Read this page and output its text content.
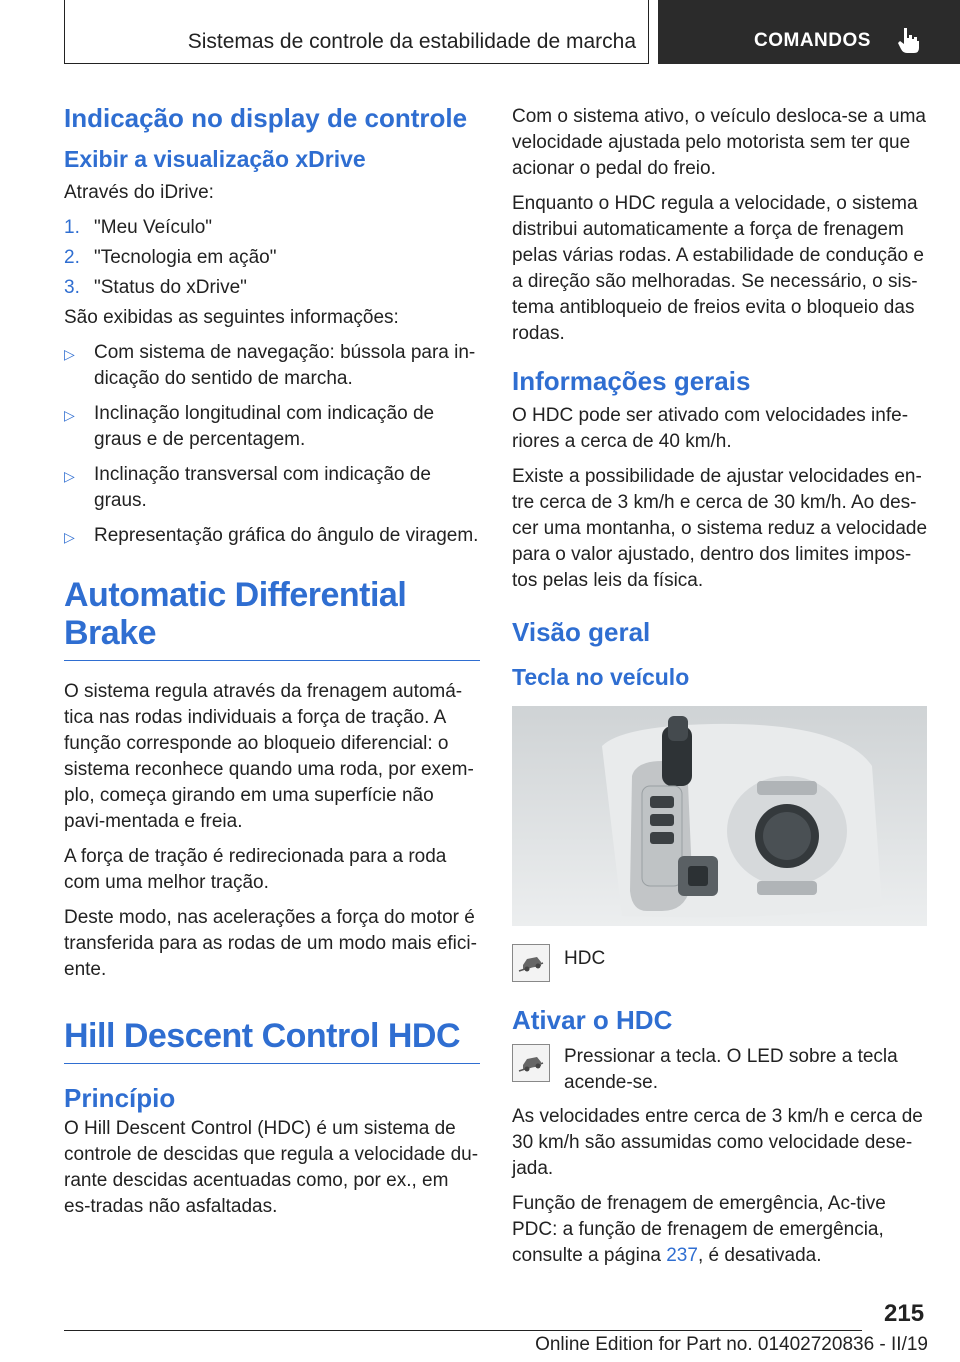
Sistemas de controle da estabilidade de marcha	COMANDOS
Indicação no display de controle
Exibir a visualização xDrive

Através do iDrive:

1. "Meu Veículo"
2. "Tecnologia em ação"
3. "Status do xDrive"

São exibidas as seguintes informações:

▷	Com sistema de navegação: bússola para in-dicação do sentido de marcha.
▷	Inclinação longitudinal com indicação de graus e de percentagem.
▷	Inclinação transversal com indicação de graus.
▷	Representação gráfica do ângulo de viragem.
Automatic Differential Brake

O sistema regula através da frenagem automá-tica nas rodas individuais a força de tração. A função corresponde ao bloqueio diferencial: o sistema reconhece quando uma roda, por exem-plo, começa girando em uma superfície não pavi-mentada e freia.

A força de tração é redirecionada para a roda com uma melhor tração.

Deste modo, nas acelerações a força do motor é transferida para as rodas de um modo mais efici-ente.

Hill Descent Control HDC
Princípio

O Hill Descent Control (HDC) é um sistema de controle de descidas que regula a velocidade du-rante descidas acentuadas como, por ex., em es-tradas não asfaltadas.

Com o sistema ativo, o veículo desloca-se a uma velocidade ajustada pelo motorista sem ter que acionar o pedal do freio.

Enquanto o HDC regula a velocidade, o sistema distribui automaticamente a força de frenagem pelas várias rodas. A estabilidade de condução e a direção são melhoradas. Se necessário, o sis-tema antibloqueio de freios evita o bloqueio das rodas.

Informações gerais

O HDC pode ser ativado com velocidades infe-riores a cerca de 40 km/h.

Existe a possibilidade de ajustar velocidades en-tre cerca de 3 km/h e cerca de 30 km/h. Ao des-cer uma montanha, o sistema reduz a velocidade para o valor ajustado, dentro dos limites impos-tos pelas leis da física.

Visão geral
Tecla no veículo
HDC
Ativar o HDC
Pressionar a tecla. O LED sobre a tecla acende-se.

As velocidades entre cerca de 3 km/h e cerca de 30 km/h são assumidas como velocidade dese-jada.

Função de frenagem de emergência, Ac-tive PDC: a função de frenagem de emergência, consulte a página 237, é desativada.

215
Online Edition for Part no. 01402720836 - II/19
